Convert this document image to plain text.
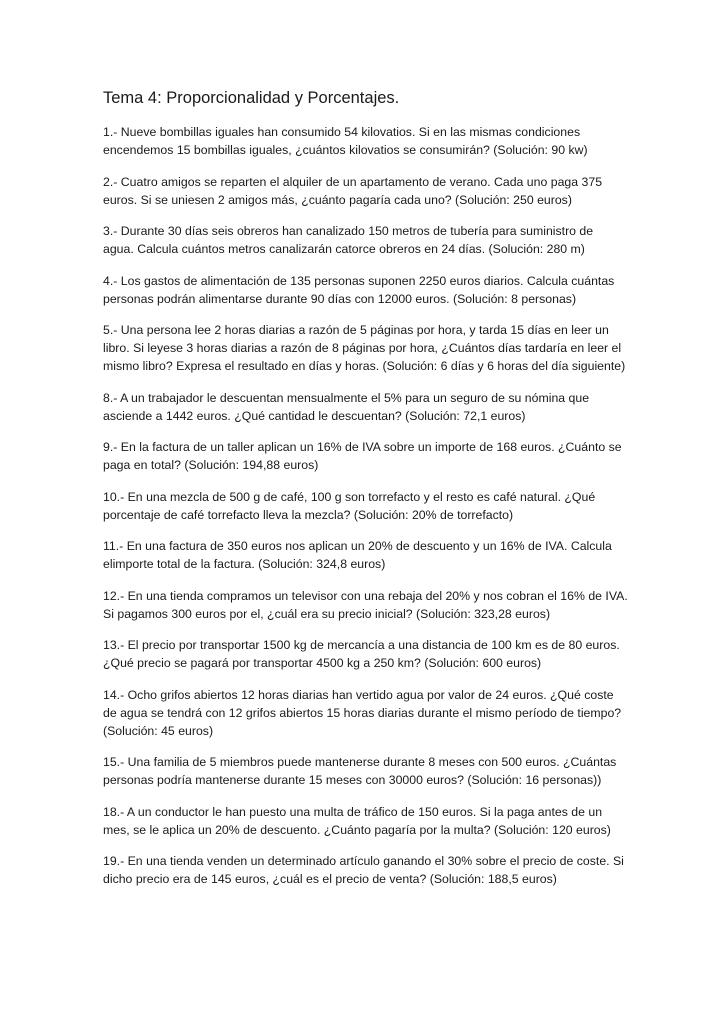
Tema 4: Proporcionalidad y Porcentajes.

1.- Nueve bombillas iguales han consumido 54 kilovatios. Si en las mismas condiciones
encendemos 15 bombillas iguales, ¿cuántos kilovatios se consumirán? (Solución: 90 kw)

2.- Cuatro amigos se reparten el alquiler de un apartamento de verano. Cada uno paga 375
euros. Si se uniesen 2 amigos más, ¿cuánto pagaría cada uno? (Solución: 250 euros)

3.- Durante 30 días seis obreros han canalizado 150 metros de tubería para suministro de
agua. Calcula cuántos metros canalizarán catorce obreros en 24 días. (Solución: 280 m)

4.- Los gastos de alimentación de 135 personas suponen 2250 euros diarios. Calcula cuántas
personas podrán alimentarse durante 90 días con 12000 euros. (Solución: 8 personas)

5.- Una persona lee 2 horas diarias a razón de 5 páginas por hora, y tarda 15 días en leer un
libro. Si leyese 3 horas diarias a razón de 8 páginas por hora, ¿Cuántos días tardaría en leer el
mismo libro? Expresa el resultado en días y horas. (Solución: 6 días y 6 horas del día siguiente)

8.- A un trabajador le descuentan mensualmente el 5% para un seguro de su nómina que
asciende a 1442 euros. ¿Qué cantidad le descuentan? (Solución: 72,1 euros)

9.- En la factura de un taller aplican un 16% de IVA sobre un importe de 168 euros. ¿Cuánto se
paga en total? (Solución: 194,88 euros)

10.- En una mezcla de 500 g de café, 100 g son torrefacto y el resto es café natural. ¿Qué
porcentaje de café torrefacto lleva la mezcla? (Solución: 20% de torrefacto)

11.- En una factura de 350 euros nos aplican un 20% de descuento y un 16% de IVA. Calcula
elimporte total de la factura. (Solución: 324,8 euros)

12.- En una tienda compramos un televisor con una rebaja del 20% y nos cobran el 16% de IVA.
Si pagamos 300 euros por el, ¿cuál era su precio inicial? (Solución: 323,28 euros)

13.- El precio por transportar 1500 kg de mercancía a una distancia de 100 km es de 80 euros.
¿Qué precio se pagará por transportar 4500 kg a 250 km? (Solución: 600 euros)

14.- Ocho grifos abiertos 12 horas diarias han vertido agua por valor de 24 euros. ¿Qué coste
de agua se tendrá con 12 grifos abiertos 15 horas diarias durante el mismo período de tiempo?
(Solución: 45 euros)

15.- Una familia de 5 miembros puede mantenerse durante 8 meses con 500 euros. ¿Cuántas
personas podría mantenerse durante 15 meses con 30000 euros? (Solución: 16 personas))

18.- A un conductor le han puesto una multa de tráfico de 150 euros. Si la paga antes de un
mes, se le aplica un 20% de descuento. ¿Cuánto pagaría por la multa? (Solución: 120 euros)

19.- En una tienda venden un determinado artículo ganando el 30% sobre el precio de coste. Si
dicho precio era de 145 euros, ¿cuál es el precio de venta? (Solución: 188,5 euros)
